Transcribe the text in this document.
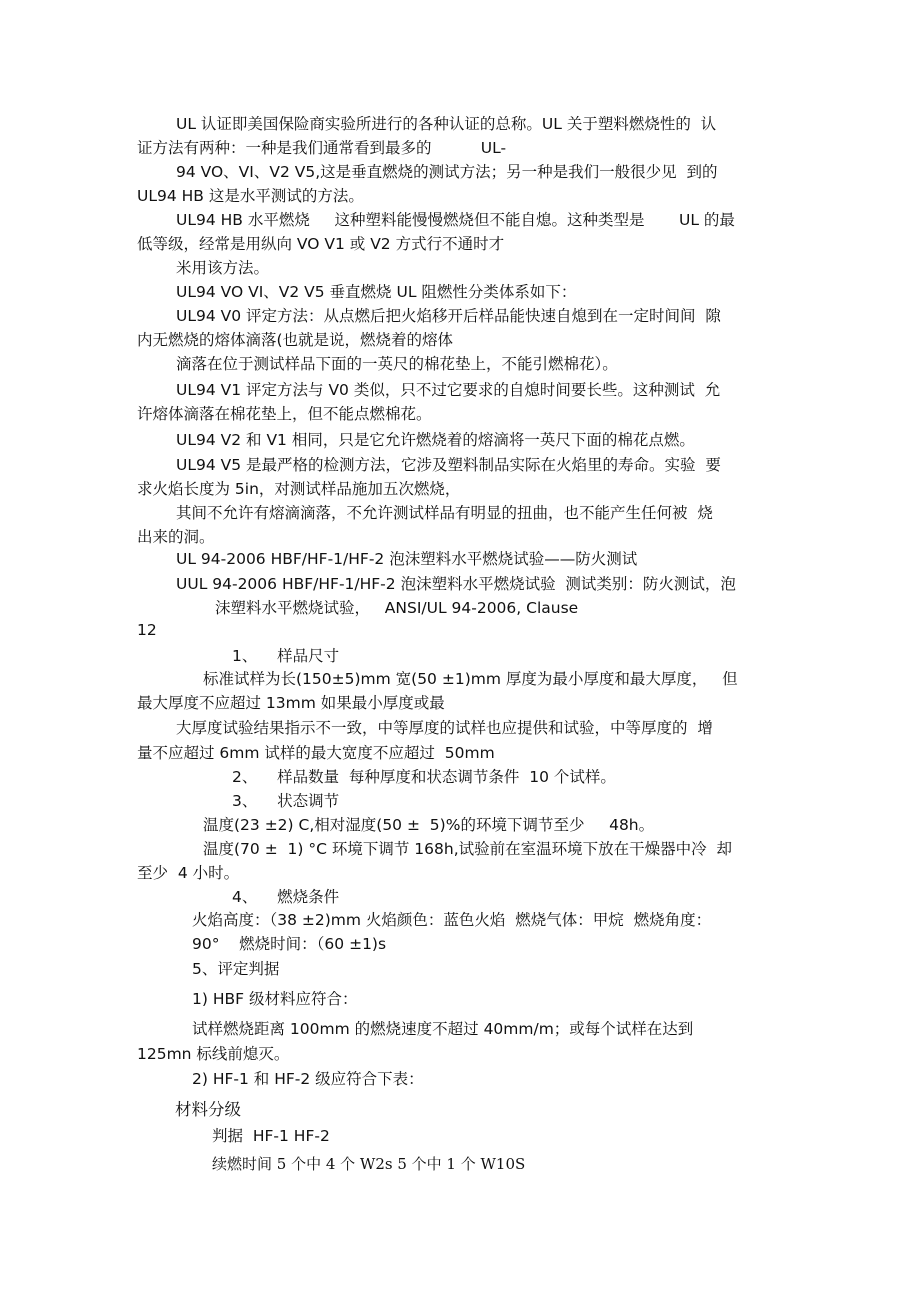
UL 认证即美国保险商实验所进行的各种认证的总称。UL 关于塑料燃烧性的  认
证方法有两种：一种是我们通常看到最多的          UL-
94 VO、VI、V2 V5,这是垂直燃烧的测试方法；另一种是我们一般很少见  到的
UL94 HB 这是水平测试的方法。
UL94 HB 水平燃烧     这种塑料能慢慢燃烧但不能自熄。这种类型是       UL 的最
低等级，经常是用纵向 VO V1 或 V2 方式行不通时才
米用该方法。
UL94 VO VI、V2 V5 垂直燃烧 UL 阻燃性分类体系如下：
UL94 V0 评定方法：从点燃后把火焰移开后样品能快速自熄到在一定时间间  隙
内无燃烧的熔体滴落(也就是说，燃烧着的熔体
滴落在位于测试样品下面的一英尺的棉花垫上，不能引燃棉花）。
UL94 V1 评定方法与 V0 类似，只不过它要求的自熄时间要长些。这种测试  允
许熔体滴落在棉花垫上，但不能点燃棉花。
UL94 V2 和 V1 相同，只是它允许燃烧着的熔滴将一英尺下面的棉花点燃。
UL94 V5 是最严格的检测方法，它涉及塑料制品实际在火焰里的寿命。实验  要
求火焰长度为 5in，对测试样品施加五次燃烧，
其间不允许有熔滴滴落，不允许测试样品有明显的扭曲，也不能产生任何被  烧
出来的洞。
UL 94-2006 HBF/HF-1/HF-2 泡沫塑料水平燃烧试验——防火测试
UUL 94-2006 HBF/HF-1/HF-2 泡沫塑料水平燃烧试验  测试类别：防火测试，泡
沫塑料水平燃烧试验，   ANSI/UL 94-2006, Clause
12
1、    样品尺寸
标准试样为长(150±5)mm 宽(50 ±1)mm 厚度为最小厚度和最大厚度，   但
最大厚度不应超过 13mm 如果最小厚度或最
大厚度试验结果指示不一致，中等厚度的试样也应提供和试验，中等厚度的  增
量不应超过 6mm 试样的最大宽度不应超过  50mm
2、    样品数量  每种厚度和状态调节条件  10 个试样。
3、    状态调节
温度(23 ±2) C,相对湿度(50 ±  5)%的环境下调节至少     48h。
温度(70 ±  1) °C 环境下调节 168h,试验前在室温环境下放在干燥器中冷  却
至少  4 小时。
4、    燃烧条件
火焰高度：（38 ±2)mm 火焰颜色：蓝色火焰  燃烧气体：甲烷  燃烧角度：
90°    燃烧时间：（60 ±1)s
5、评定判据
1) HBF 级材料应符合：
试样燃烧距离 100mm 的燃烧速度不超过 40mm/m；或每个试样在达到
125mn 标线前熄灭。
2) HF-1 和 HF-2 级应符合下表：
材料分级
判据  HF-1 HF-2
续燃时间 5 个中 4 个 W2s 5 个中 1 个 W10S
